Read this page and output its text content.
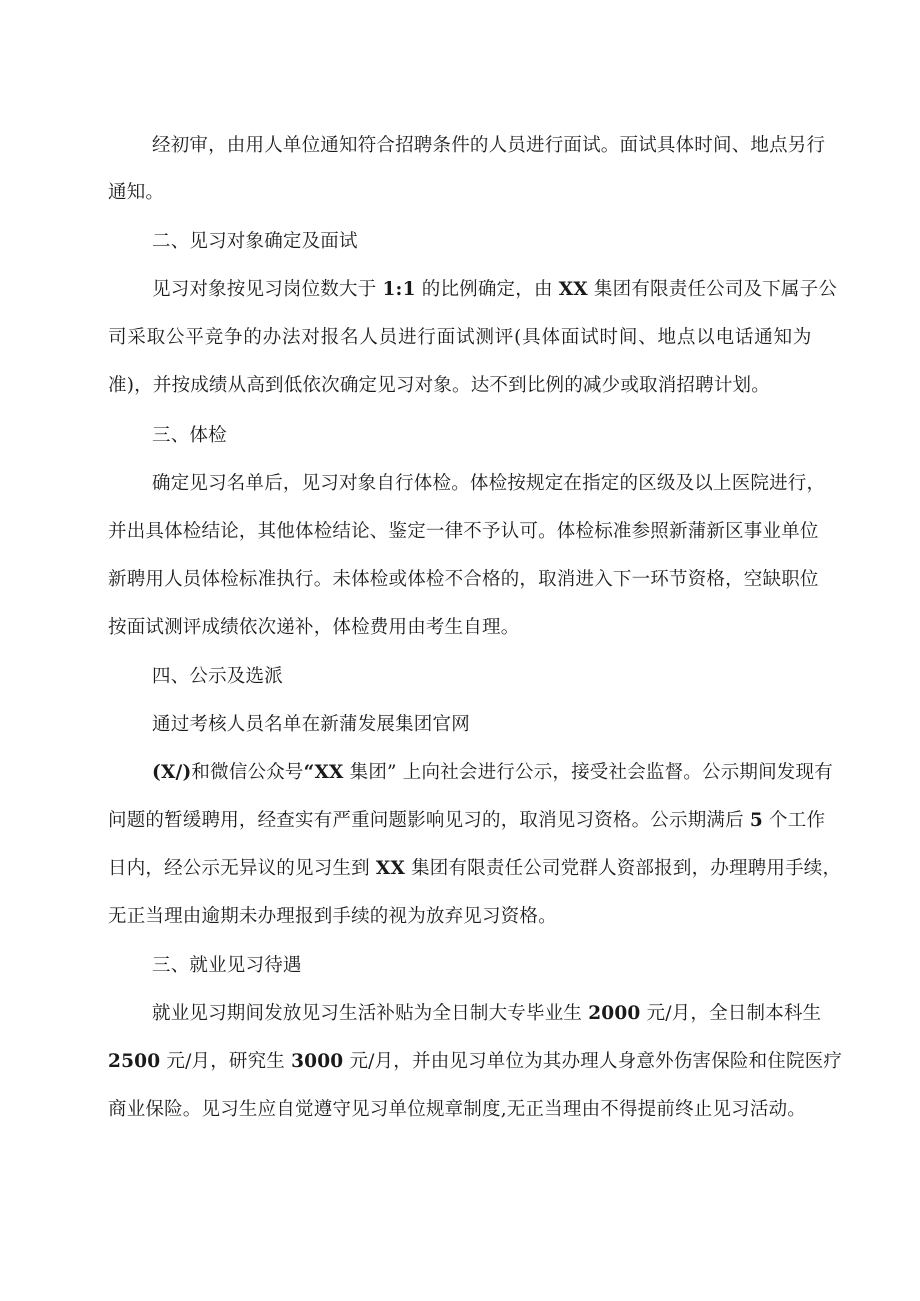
经初审，由用人单位通知符合招聘条件的人员进行面试。面试具体时间、地点另行
通知。
二、见习对象确定及面试
见习对象按见习岗位数大于 1:1 的比例确定，由 XX 集团有限责任公司及下属子公
司采取公平竞争的办法对报名人员进行面试测评(具体面试时间、地点以电话通知为
准)，并按成绩从高到低依次确定见习对象。达不到比例的减少或取消招聘计划。
三、体检
确定见习名单后，见习对象自行体检。体检按规定在指定的区级及以上医院进行，
并出具体检结论，其他体检结论、鉴定一律不予认可。体检标准参照新蒲新区事业单位
新聘用人员体检标准执行。未体检或体检不合格的，取消进入下一环节资格，空缺职位
按面试测评成绩依次递补，体检费用由考生自理。
四、公示及选派
通过考核人员名单在新蒲发展集团官网
(X/)和微信公众号“XX 集团” 上向社会进行公示，接受社会监督。公示期间发现有
问题的暂缓聘用，经查实有严重问题影响见习的，取消见习资格。公示期满后 5 个工作
日内，经公示无异议的见习生到 XX 集团有限责任公司党群人资部报到，办理聘用手续，
无正当理由逾期未办理报到手续的视为放弃见习资格。
三、就业见习待遇
就业见习期间发放见习生活补贴为全日制大专毕业生 2000 元/月，全日制本科生
2500 元/月，研究生 3000 元/月，并由见习单位为其办理人身意外伤害保险和住院医疗
商业保险。见习生应自觉遵守见习单位规章制度,无正当理由不得提前终止见习活动。
